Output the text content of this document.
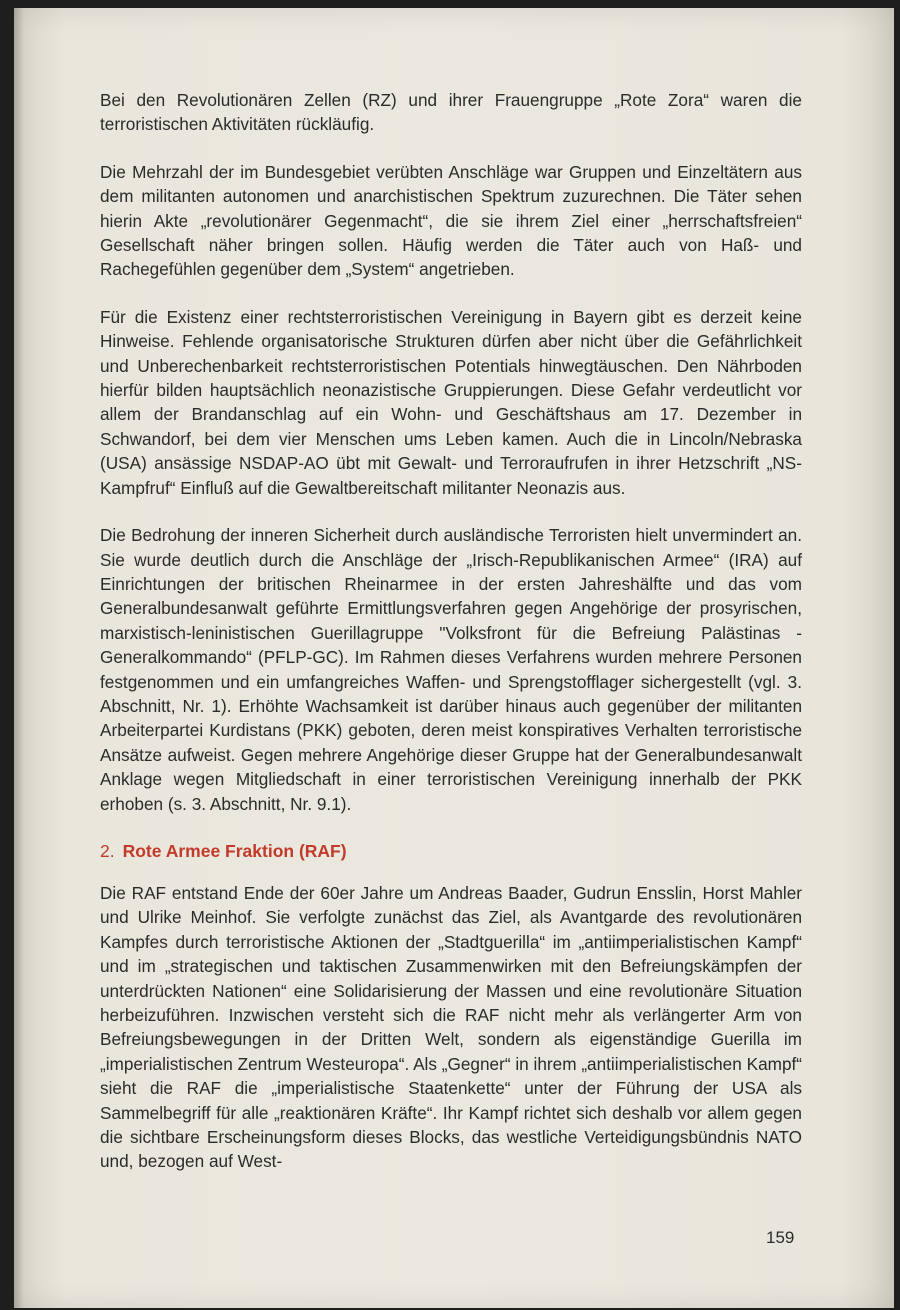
Bei den Revolutionären Zellen (RZ) und ihrer Frauengruppe „Rote Zora“ waren die terroristischen Aktivitäten rückläufig.

Die Mehrzahl der im Bundesgebiet verübten Anschläge war Gruppen und Einzeltätern aus dem militanten autonomen und anarchistischen Spektrum zuzurechnen. Die Täter sehen hierin Akte „revolutionärer Gegenmacht“, die sie ihrem Ziel einer „herrschaftsfreien“ Gesellschaft näher bringen sollen. Häufig werden die Täter auch von Haß- und Rachegefühlen gegenüber dem „System“ angetrieben.

Für die Existenz einer rechtsterroristischen Vereinigung in Bayern gibt es derzeit keine Hinweise. Fehlende organisatorische Strukturen dürfen aber nicht über die Gefährlichkeit und Unberechenbarkeit rechtsterroristischen Potentials hinwegtäuschen. Den Nährboden hierfür bilden hauptsächlich neonazistische Gruppierungen. Diese Gefahr verdeutlicht vor allem der Brandanschlag auf ein Wohn- und Geschäftshaus am 17. Dezember in Schwandorf, bei dem vier Menschen ums Leben kamen. Auch die in Lincoln/Nebraska (USA) ansässige NSDAP-AO übt mit Gewalt- und Terroraufrufen in ihrer Hetzschrift „NS-Kampfruf“ Einfluß auf die Gewaltbereitschaft militanter Neonazis aus.

Die Bedrohung der inneren Sicherheit durch ausländische Terroristen hielt unvermindert an. Sie wurde deutlich durch die Anschläge der „Irisch-Republikanischen Armee“ (IRA) auf Einrichtungen der britischen Rheinarmee in der ersten Jahreshälfte und das vom Generalbundesanwalt geführte Ermittlungsverfahren gegen Angehörige der prosyrischen, marxistisch-leninistischen Guerillagruppe "Volksfront für die Befreiung Palästinas - Generalkommando“ (PFLP-GC). Im Rahmen dieses Verfahrens wurden mehrere Personen festgenommen und ein umfangreiches Waffen- und Sprengstofflager sichergestellt (vgl. 3. Abschnitt, Nr. 1). Erhöhte Wachsamkeit ist darüber hinaus auch gegenüber der militanten Arbeiterpartei Kurdistans (PKK) geboten, deren meist konspiratives Verhalten terroristische Ansätze aufweist. Gegen mehrere Angehörige dieser Gruppe hat der Generalbundesanwalt Anklage wegen Mitgliedschaft in einer terroristischen Vereinigung innerhalb der PKK erhoben (s. 3. Abschnitt, Nr. 9.1).

2. Rote Armee Fraktion (RAF)

Die RAF entstand Ende der 60er Jahre um Andreas Baader, Gudrun Ensslin, Horst Mahler und Ulrike Meinhof. Sie verfolgte zunächst das Ziel, als Avantgarde des revolutionären Kampfes durch terroristische Aktionen der „Stadtguerilla“ im „antiimperialistischen Kampf“ und im „strategischen und taktischen Zusammenwirken mit den Befreiungskämpfen der unterdrückten Nationen“ eine Solidarisierung der Massen und eine revolutionäre Situation herbeizuführen. Inzwischen versteht sich die RAF nicht mehr als verlängerter Arm von Befreiungsbewegungen in der Dritten Welt, sondern als eigenständige Guerilla im „imperialistischen Zentrum Westeuropa“. Als „Gegner“ in ihrem „antiimperialistischen Kampf“ sieht die RAF die „imperialistische Staatenkette“ unter der Führung der USA als Sammelbegriff für alle „reaktionären Kräfte“. Ihr Kampf richtet sich deshalb vor allem gegen die sichtbare Erscheinungsform dieses Blocks, das westliche Verteidigungsbündnis NATO und, bezogen auf West-

159
